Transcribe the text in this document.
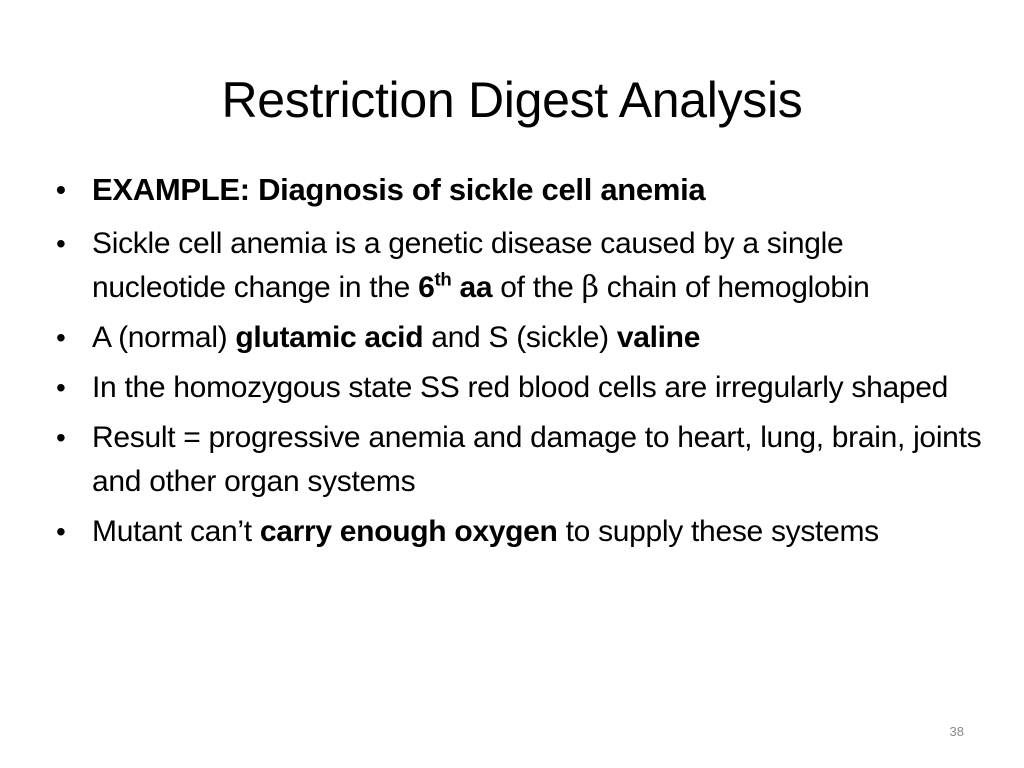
Restriction Digest Analysis
• EXAMPLE: Diagnosis of sickle cell anemia
• Sickle cell anemia is a genetic disease caused by a single nucleotide change in the 6th aa of the β chain of hemoglobin
• A (normal) glutamic acid and S (sickle) valine
• In the homozygous state SS red blood cells are irregularly shaped
• Result = progressive anemia and damage to heart, lung, brain, joints and other organ systems
• Mutant can’t carry enough oxygen to supply these systems
38
